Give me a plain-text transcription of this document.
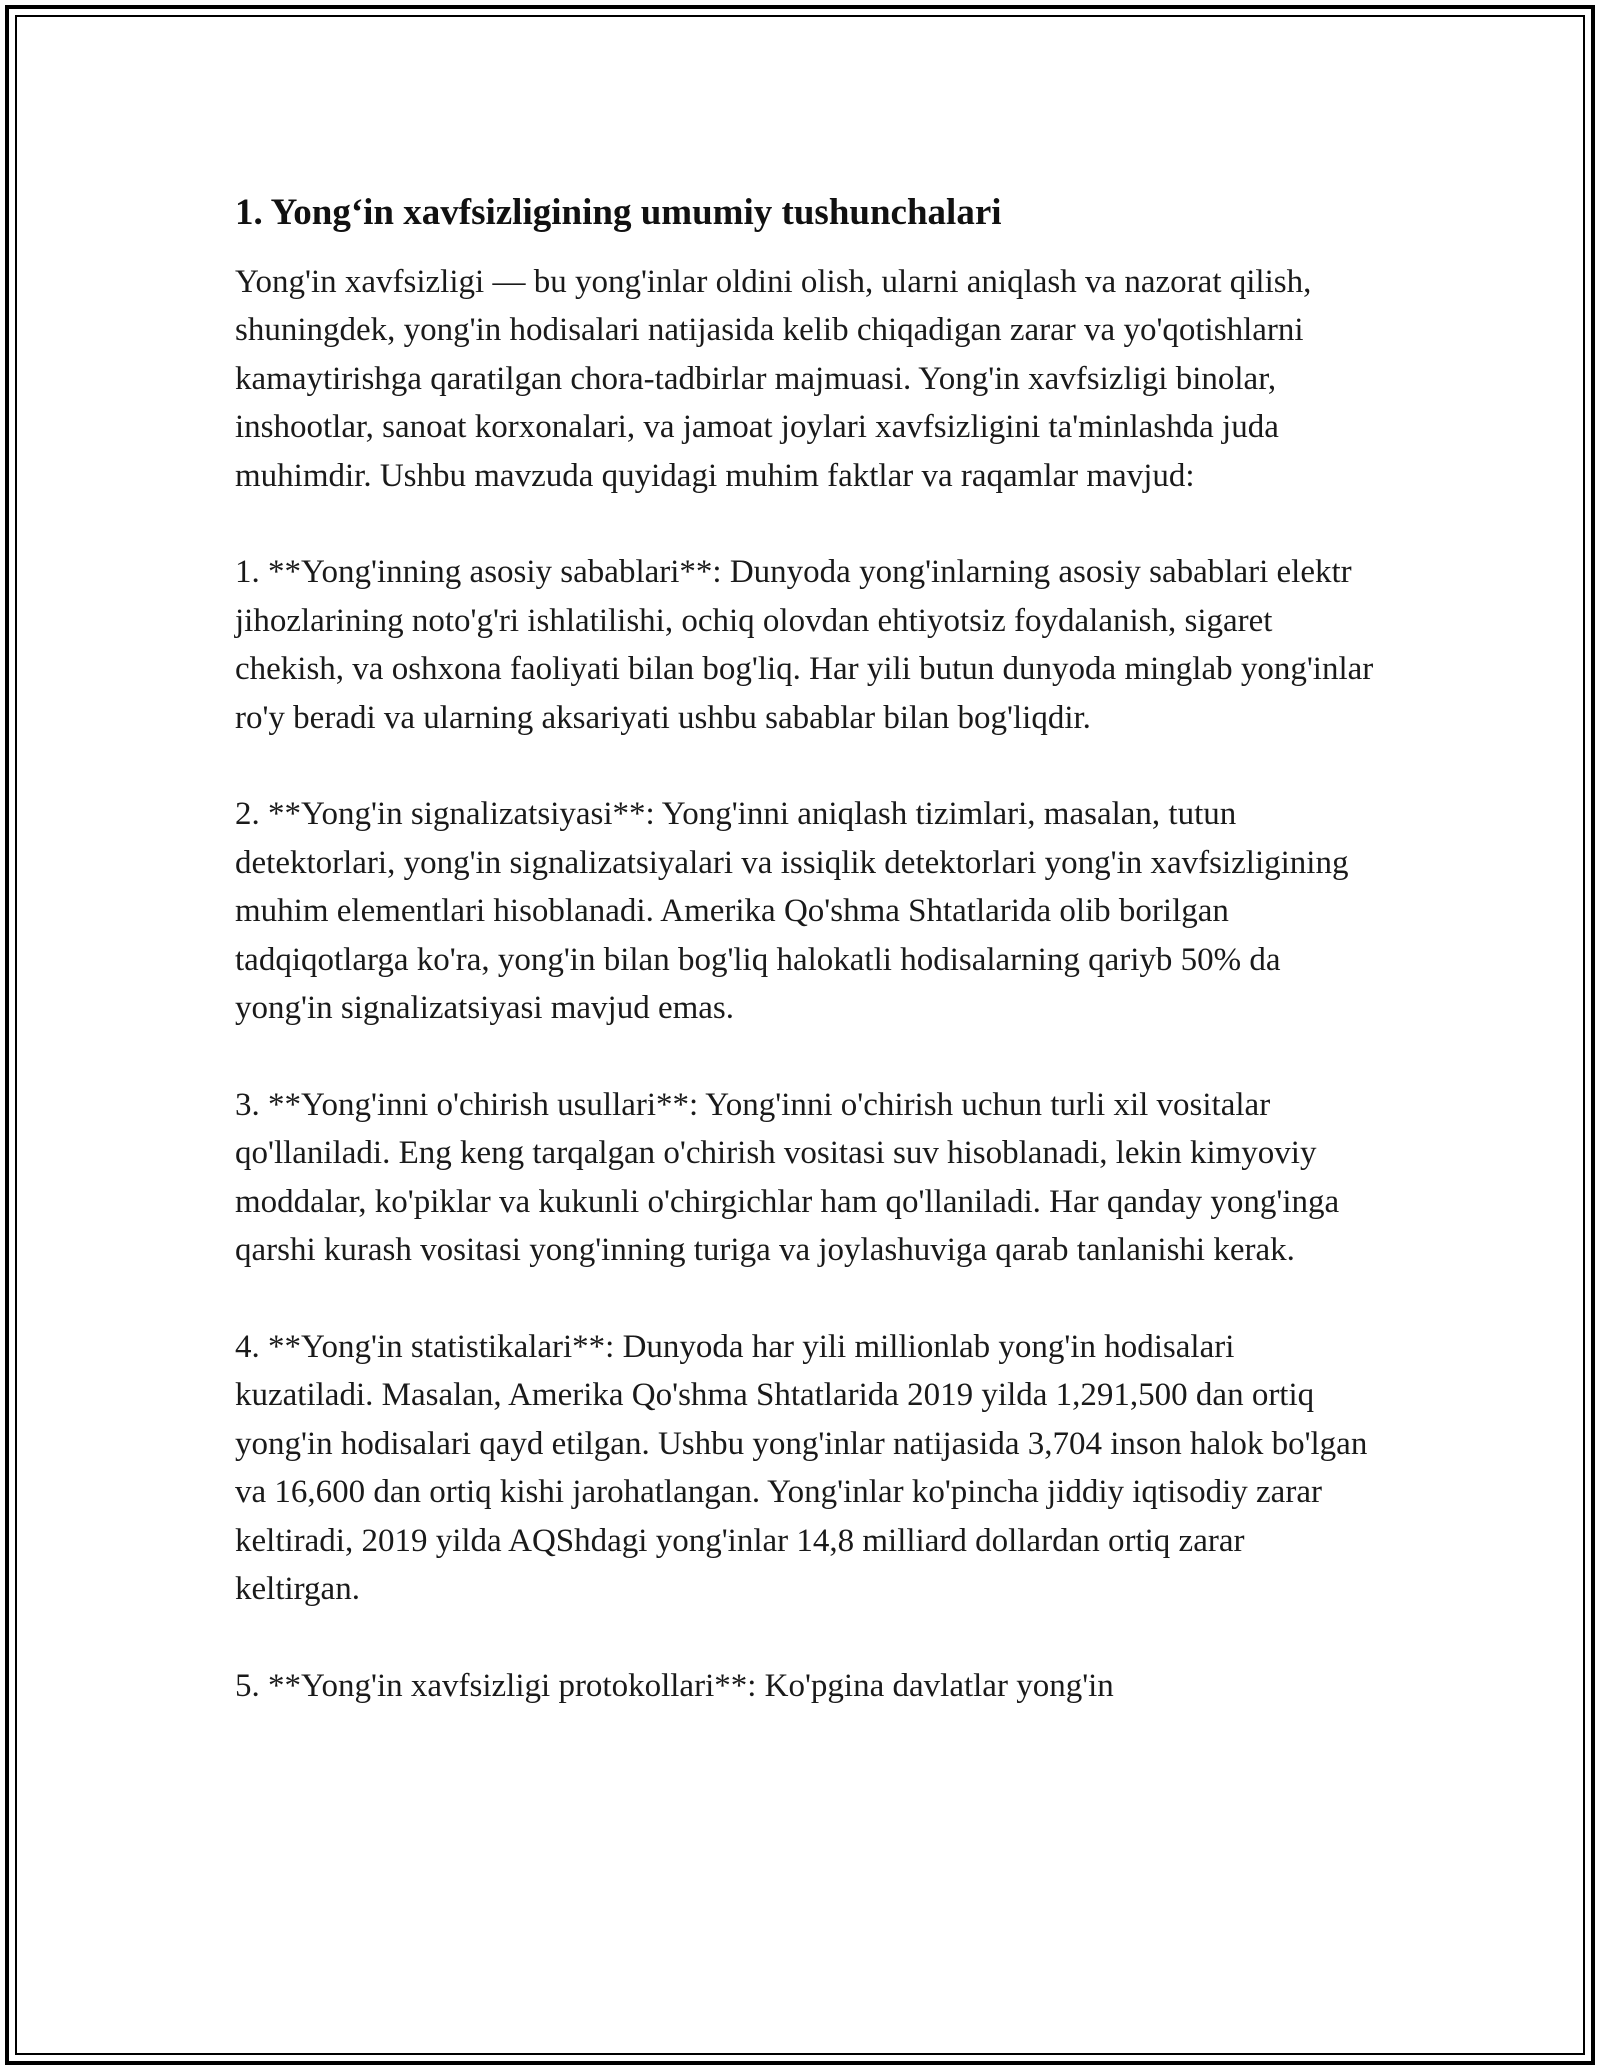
1. Yong‘in xavfsizligining umumiy tushunchalari

Yong'in xavfsizligi — bu yong'inlar oldini olish, ularni aniqlash va nazorat qilish, shuningdek, yong'in hodisalari natijasida kelib chiqadigan zarar va yo'qotishlarni kamaytirishga qaratilgan chora-tadbirlar majmuasi. Yong'in xavfsizligi binolar, inshootlar, sanoat korxonalari, va jamoat joylari xavfsizligini ta'minlashda juda muhimdir. Ushbu mavzuda quyidagi muhim faktlar va raqamlar mavjud:

1. **Yong'inning asosiy sabablari**: Dunyoda yong'inlarning asosiy sabablari elektr jihozlarining noto'g'ri ishlatilishi, ochiq olovdan ehtiyotsiz foydalanish, sigaret chekish, va oshxona faoliyati bilan bog'liq. Har yili butun dunyoda minglab yong'inlar ro'y beradi va ularning aksariyati ushbu sabablar bilan bog'liqdir.

2. **Yong'in signalizatsiyasi**: Yong'inni aniqlash tizimlari, masalan, tutun detektorlari, yong'in signalizatsiyalari va issiqlik detektorlari yong'in xavfsizligining muhim elementlari hisoblanadi. Amerika Qo'shma Shtatlarida olib borilgan tadqiqotlarga ko'ra, yong'in bilan bog'liq halokatli hodisalarning qariyb 50% da yong'in signalizatsiyasi mavjud emas.

3. **Yong'inni o'chirish usullari**: Yong'inni o'chirish uchun turli xil vositalar qo'llaniladi. Eng keng tarqalgan o'chirish vositasi suv hisoblanadi, lekin kimyoviy moddalar, ko'piklar va kukunli o'chirgichlar ham qo'llaniladi. Har qanday yong'inga qarshi kurash vositasi yong'inning turiga va joylashuviga qarab tanlanishi kerak.

4. **Yong'in statistikalari**: Dunyoda har yili millionlab yong'in hodisalari kuzatiladi. Masalan, Amerika Qo'shma Shtatlarida 2019 yilda 1,291,500 dan ortiq yong'in hodisalari qayd etilgan. Ushbu yong'inlar natijasida 3,704 inson halok bo'lgan va 16,600 dan ortiq kishi jarohatlangan. Yong'inlar ko'pincha jiddiy iqtisodiy zarar keltiradi, 2019 yilda AQShdagi yong'inlar 14,8 milliard dollardan ortiq zarar keltirgan.

5. **Yong'in xavfsizligi protokollari**: Ko'pgina davlatlar yong'in
